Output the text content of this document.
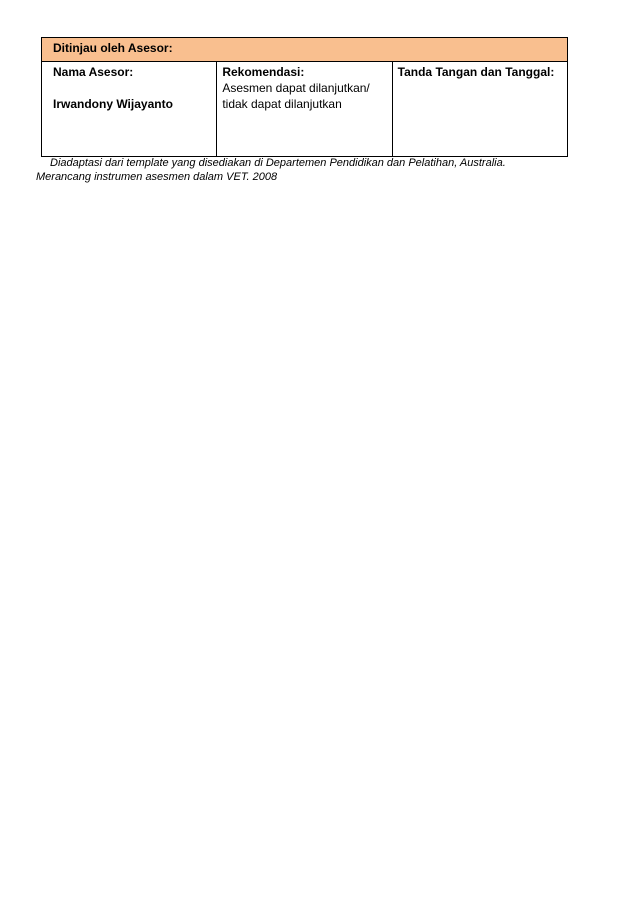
Ditinjau oleh Asesor:

Nama Asesor:
Irwandony Wijayanto

Rekomendasi:
Asesmen dapat dilanjutkan/
tidak dapat dilanjutkan

Tanda Tangan dan Tanggal:
Diadaptasi dari template yang disediakan di Departemen Pendidikan dan Pelatihan, Australia.
Merancang instrumen asesmen dalam VET. 2008
